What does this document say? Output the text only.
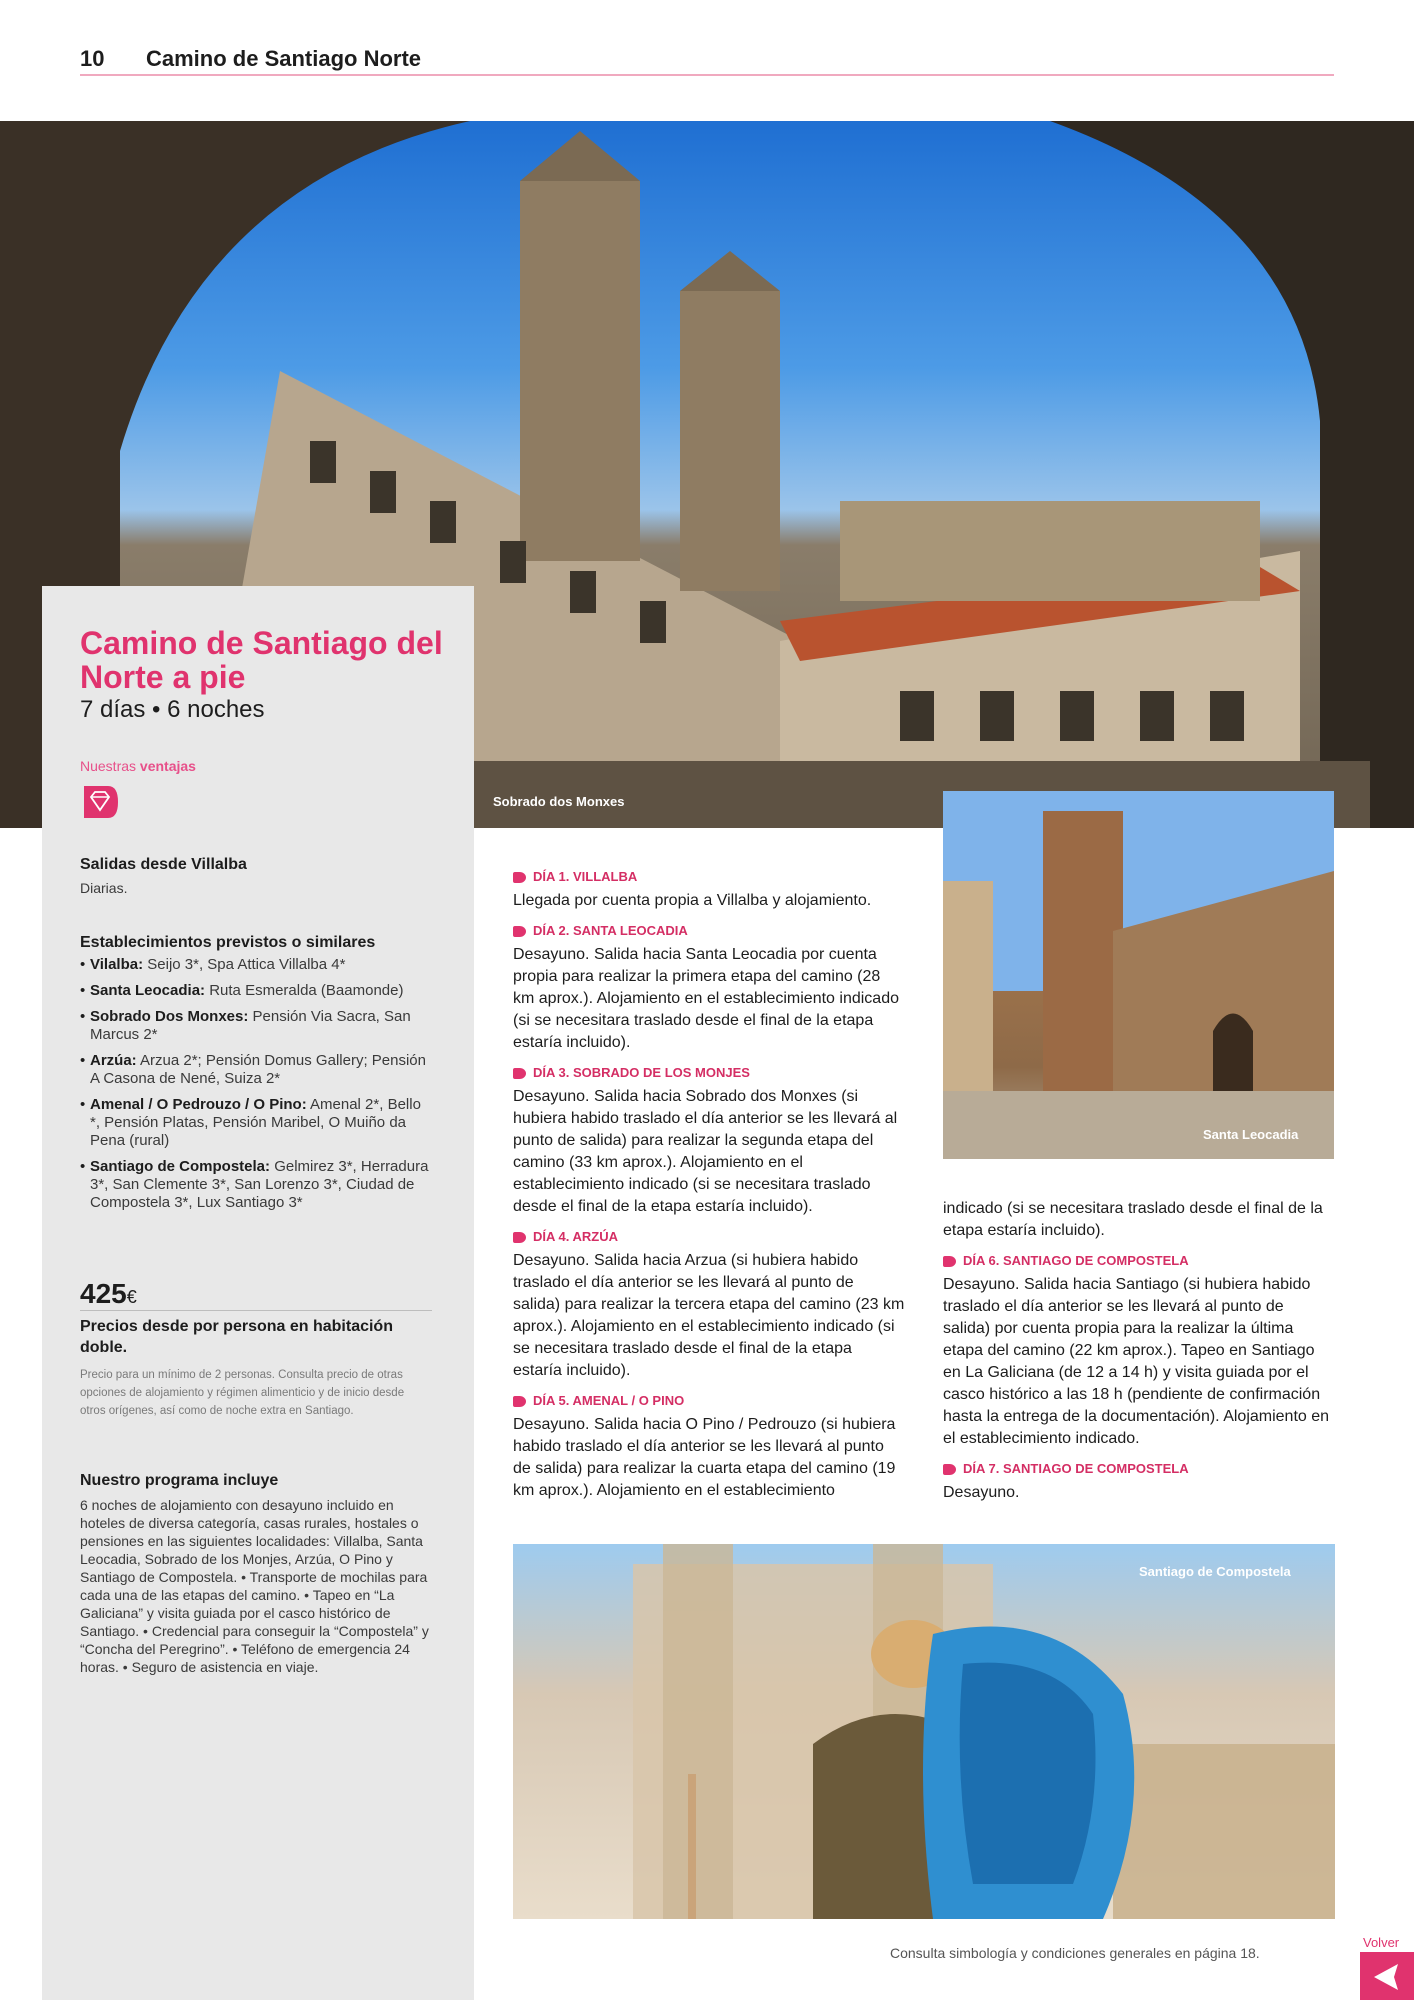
10 Camino de Santiago Norte
Sobrado dos Monxes
Camino de Santiago del Norte a pie
7 días • 6 noches
Nuestras ventajas
Salidas desde Villalba
Diarias.
Establecimientos previstos o similares
• Vilalba: Seijo 3*, Spa Attica Villalba 4*
• Santa Leocadia: Ruta Esmeralda (Baamonde)
• Sobrado Dos Monxes: Pensión Via Sacra, San Marcus 2*
• Arzúa: Arzua 2*; Pensión Domus Gallery; Pensión A Casona de Nené, Suiza 2*
• Amenal / O Pedrouzo / O Pino: Amenal 2*, Bello *, Pensión Platas, Pensión Maribel, O Muiño da Pena (rural)
• Santiago de Compostela: Gelmirez 3*, Herradura 3*, San Clemente 3*, San Lorenzo 3*, Ciudad de Compostela 3*, Lux Santiago 3*
425€
Precios desde por persona en habitación doble.
Precio para un mínimo de 2 personas. Consulta precio de otras opciones de alojamiento y régimen alimenticio y de inicio desde otros orígenes, así como de noche extra en Santiago.
Nuestro programa incluye
6 noches de alojamiento con desayuno incluido en hoteles de diversa categoría, casas rurales, hostales o pensiones en las siguientes localidades: Villalba, Santa Leocadia, Sobrado de los Monjes, Arzúa, O Pino y Santiago de Compostela. • Transporte de mochilas para cada una de las etapas del camino. • Tapeo en “La Galiciana” y visita guiada por el casco histórico de Santiago. • Credencial para conseguir la “Compostela” y “Concha del Peregrino”. • Teléfono de emergencia 24 horas. • Seguro de asistencia en viaje.
DÍA 1. VILLALBA
Llegada por cuenta propia a Villalba y alojamiento.
DÍA 2. SANTA LEOCADIA
Desayuno. Salida hacia Santa Leocadia por cuenta propia para realizar la primera etapa del camino (28 km aprox.). Alojamiento en el establecimiento indicado (si se necesitara traslado desde el final de la etapa estaría incluido).
DÍA 3. SOBRADO DE LOS MONJES
Desayuno. Salida hacia Sobrado dos Monxes (si hubiera habido traslado el día anterior se les llevará al punto de salida) para realizar la segunda etapa del camino (33 km aprox.). Alojamiento en el establecimiento indicado (si se necesitara traslado desde el final de la etapa estaría incluido).
DÍA 4. ARZÚA
Desayuno. Salida hacia Arzua (si hubiera habido traslado el día anterior se les llevará al punto de salida) para realizar la tercera etapa del camino (23 km aprox.). Alojamiento en el establecimiento indicado (si se necesitara traslado desde el final de la etapa estaría incluido).
DÍA 5. AMENAL / O PINO
Desayuno. Salida hacia O Pino / Pedrouzo (si hubiera habido traslado el día anterior se les llevará al punto de salida) para realizar la cuarta etapa del camino (19 km aprox.). Alojamiento en el establecimiento
Santa Leocadia
indicado (si se necesitara traslado desde el final de la etapa estaría incluido).
DÍA 6. SANTIAGO DE COMPOSTELA
Desayuno. Salida hacia Santiago (si hubiera habido traslado el día anterior se les llevará al punto de salida) por cuenta propia para la realizar la última etapa del camino (22 km aprox.). Tapeo en Santiago en La Galiciana (de 12 a 14 h) y visita guiada por el casco histórico a las 18 h (pendiente de confirmación hasta la entrega de la documentación). Alojamiento en el establecimiento indicado.
DÍA 7. SANTIAGO DE COMPOSTELA
Desayuno.
Santiago de Compostela
Consulta simbología y condiciones generales en página 18.
Volver
